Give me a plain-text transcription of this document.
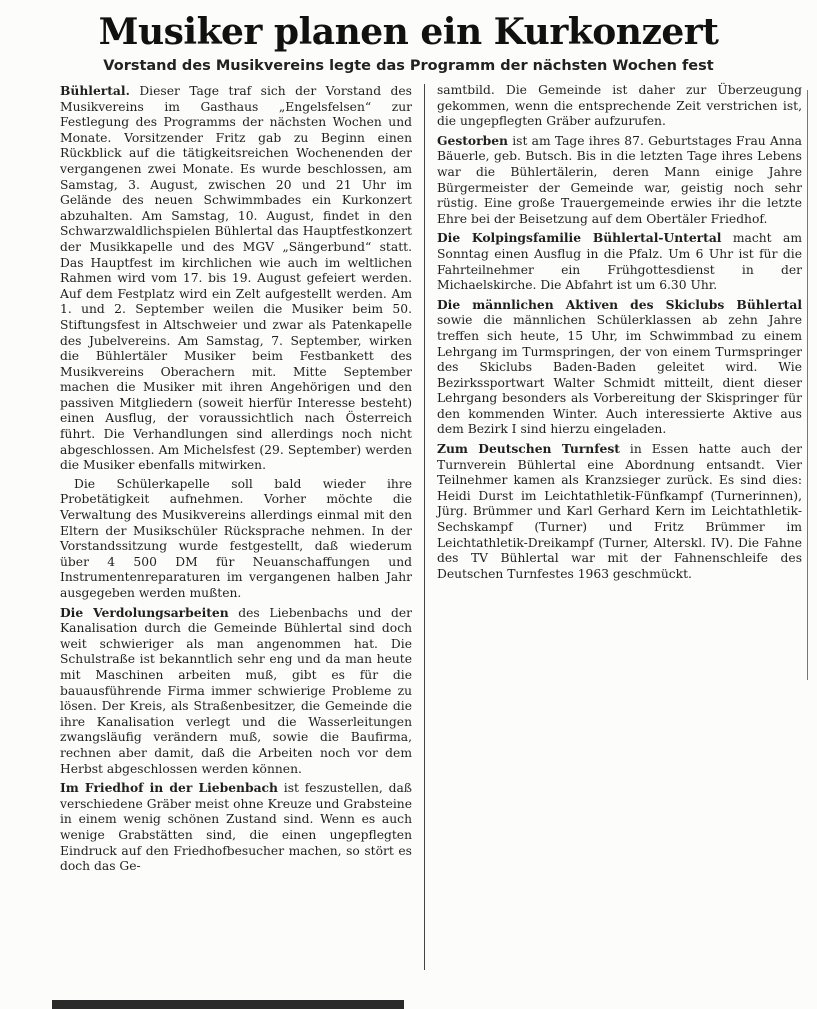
Musiker planen ein Kurkonzert
Vorstand des Musikvereins legte das Programm der nächsten Wochen fest

Bühlertal. Dieser Tage traf sich der Vorstand des Musikvereins im Gasthaus „Engelsfelsen“ zur Festlegung des Programms der nächsten Wochen und Monate. Vorsitzender Fritz gab zu Beginn einen Rückblick auf die tätigkeitsreichen Wochenenden der vergangenen zwei Monate. Es wurde beschlossen, am Samstag, 3. August, zwischen 20 und 21 Uhr im Gelände des neuen Schwimmbades ein Kurkonzert abzuhalten. Am Samstag, 10. August, findet in den Schwarzwaldlichspielen Bühlertal das Hauptfestkonzert der Musikkapelle und des MGV „Sängerbund“ statt. Das Hauptfest im kirchlichen wie auch im weltlichen Rahmen wird vom 17. bis 19. August gefeiert werden. Auf dem Festplatz wird ein Zelt aufgestellt werden. Am 1. und 2. September weilen die Musiker beim 50. Stiftungsfest in Altschweier und zwar als Patenkapelle des Jubelvereins. Am Samstag, 7. September, wirken die Bühlertäler Musiker beim Festbankett des Musikvereins Oberachern mit. Mitte September machen die Musiker mit ihren Angehörigen und den passiven Mitgliedern (soweit hierfür Interesse besteht) einen Ausflug, der voraussichtlich nach Österreich führt. Die Verhandlungen sind allerdings noch nicht abgeschlossen. Am Michelsfest (29. September) werden die Musiker ebenfalls mitwirken.

Die Schülerkapelle soll bald wieder ihre Probetätigkeit aufnehmen. Vorher möchte die Verwaltung des Musikvereins allerdings einmal mit den Eltern der Musikschüler Rücksprache nehmen. In der Vorstandssitzung wurde festgestellt, daß wiederum über 4 500 DM für Neuanschaffungen und Instrumentenreparaturen im vergangenen halben Jahr ausgegeben werden mußten.

Die Verdolungsarbeiten des Liebenbachs und der Kanalisation durch die Gemeinde Bühlertal sind doch weit schwieriger als man angenommen hat. Die Schulstraße ist bekanntlich sehr eng und da man heute mit Maschinen arbeiten muß, gibt es für die bauausführende Firma immer schwierige Probleme zu lösen. Der Kreis, als Straßenbesitzer, die Gemeinde die ihre Kanalisation verlegt und die Wasserleitungen zwangsläufig verändern muß, sowie die Baufirma, rechnen aber damit, daß die Arbeiten noch vor dem Herbst abgeschlossen werden können.

Im Friedhof in der Liebenbach ist feszustellen, daß verschiedene Gräber meist ohne Kreuze und Grabsteine in einem wenig schönen Zustand sind. Wenn es auch wenige Grabstätten sind, die einen ungepflegten Eindruck auf den Friedhofbesucher machen, so stört es doch das Ge-

samtbild. Die Gemeinde ist daher zur Überzeugung gekommen, wenn die entsprechende Zeit verstrichen ist, die ungepflegten Gräber aufzurufen.

Gestorben ist am Tage ihres 87. Geburtstages Frau Anna Bäuerle, geb. Butsch. Bis in die letzten Tage ihres Lebens war die Bühlertälerin, deren Mann einige Jahre Bürgermeister der Gemeinde war, geistig noch sehr rüstig. Eine große Trauergemeinde erwies ihr die letzte Ehre bei der Beisetzung auf dem Obertäler Friedhof.

Die Kolpingsfamilie Bühlertal-Untertal macht am Sonntag einen Ausflug in die Pfalz. Um 6 Uhr ist für die Fahrteilnehmer ein Frühgottesdienst in der Michaelskirche. Die Abfahrt ist um 6.30 Uhr.

Die männlichen Aktiven des Skiclubs Bühlertal sowie die männlichen Schülerklassen ab zehn Jahre treffen sich heute, 15 Uhr, im Schwimmbad zu einem Lehrgang im Turmspringen, der von einem Turmspringer des Skiclubs Baden-Baden geleitet wird. Wie Bezirkssportwart Walter Schmidt mitteilt, dient dieser Lehrgang besonders als Vorbereitung der Skispringer für den kommenden Winter. Auch interessierte Aktive aus dem Bezirk I sind hierzu eingeladen.

Zum Deutschen Turnfest in Essen hatte auch der Turnverein Bühlertal eine Abordnung entsandt. Vier Teilnehmer kamen als Kranzsieger zurück. Es sind dies: Heidi Durst im Leichtathletik-Fünfkampf (Turnerinnen), Jürg. Brümmer und Karl Gerhard Kern im Leichtathletik-Sechskampf (Turner) und Fritz Brümmer im Leichtathletik-Dreikampf (Turner, Alterskl. IV). Die Fahne des TV Bühlertal war mit der Fahnenschleife des Deutschen Turnfestes 1963 geschmückt.
